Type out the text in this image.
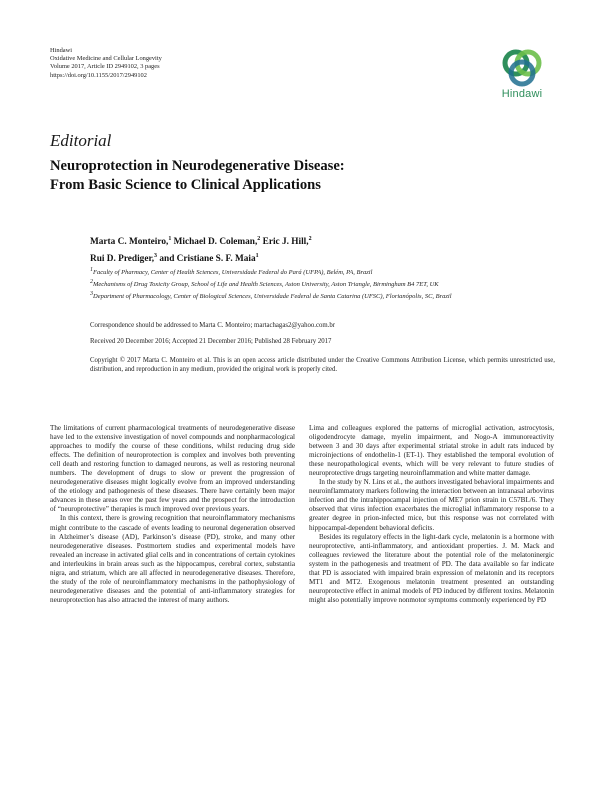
Hindawi
Oxidative Medicine and Cellular Longevity
Volume 2017, Article ID 2949102, 3 pages
https://doi.org/10.1155/2017/2949102
Hindawi
Editorial
Neuroprotection in Neurodegenerative Disease:
From Basic Science to Clinical Applications
Marta C. Monteiro,$^1$ Michael D. Coleman,$^2$ Eric J. Hill,$^2$
Rui D. Prediger,$^3$ and Cristiane S. F. Maia$^1$
$^1$Faculty of Pharmacy, Center of Health Sciences, Universidade Federal do Pará (UFPA), Belém, PA, Brazil
$^2$Mechanisms of Drug Toxicity Group, School of Life and Health Sciences, Aston University, Aston Triangle, Birmingham B4 7ET, UK
$^3$Department of Pharmacology, Center of Biological Sciences, Universidade Federal de Santa Catarina (UFSC), Florianópolis, SC, Brazil
Correspondence should be addressed to Marta C. Monteiro; martachagas2@yahoo.com.br
Received 20 December 2016; Accepted 21 December 2016; Published 28 February 2017
Copyright © 2017 Marta C. Monteiro et al. This is an open access article distributed under the Creative Commons Attribution License, which permits unrestricted use, distribution, and reproduction in any medium, provided the original work is properly cited.

The limitations of current pharmacological treatments of neurodegenerative disease have led to the extensive investigation of novel compounds and nonpharmacological approaches to modify the course of these conditions, whilst reducing drug side effects. The definition of neuroprotection is complex and involves both preventing cell death and restoring function to damaged neurons, as well as restoring neuronal numbers. The development of drugs to slow or prevent the progression of neurodegenerative diseases might logically evolve from an improved understanding of the etiology and pathogenesis of these diseases. There have certainly been major advances in these areas over the past few years and the prospect for the introduction of “neuroprotective” therapies is much improved over previous years.

In this context, there is growing recognition that neuroinflammatory mechanisms might contribute to the cascade of events leading to neuronal degeneration observed in Alzheimer’s disease (AD), Parkinson’s disease (PD), stroke, and many other neurodegenerative diseases. Postmortem studies and experimental models have revealed an increase in activated glial cells and in concentrations of certain cytokines and interleukins in brain areas such as the hippocampus, cerebral cortex, substantia nigra, and striatum, which are all affected in neurodegenerative diseases. Therefore, the study of the role of neuroinflammatory mechanisms in the pathophysiology of neurodegenerative diseases and the potential of anti-inflammatory strategies for neuroprotection has also attracted the interest of many authors.

Lima and colleagues explored the patterns of microglial activation, astrocytosis, oligodendrocyte damage, myelin impairment, and Nogo-A immunoreactivity between 3 and 30 days after experimental striatal stroke in adult rats induced by microinjections of endothelin-1 (ET-1). They established the temporal evolution of these neuropathological events, which will be very relevant to future studies of neuroprotective drugs targeting neuroinflammation and white matter damage.

In the study by N. Lins et al., the authors investigated behavioral impairments and neuroinflammatory markers following the interaction between an intranasal arbovirus infection and the intrahippocampal injection of ME7 prion strain in C57BL/6. They observed that virus infection exacerbates the microglial inflammatory response to a greater degree in prion-infected mice, but this response was not correlated with hippocampal-dependent behavioral deficits.

Besides its regulatory effects in the light-dark cycle, melatonin is a hormone with neuroprotective, anti-inflammatory, and antioxidant properties. J. M. Mack and colleagues reviewed the literature about the potential role of the melatoninergic system in the pathogenesis and treatment of PD. The data available so far indicate that PD is associated with impaired brain expression of melatonin and its receptors MT1 and MT2. Exogenous melatonin treatment presented an outstanding neuroprotective effect in animal models of PD induced by different toxins. Melatonin might also potentially improve nonmotor symptoms commonly experienced by PD
